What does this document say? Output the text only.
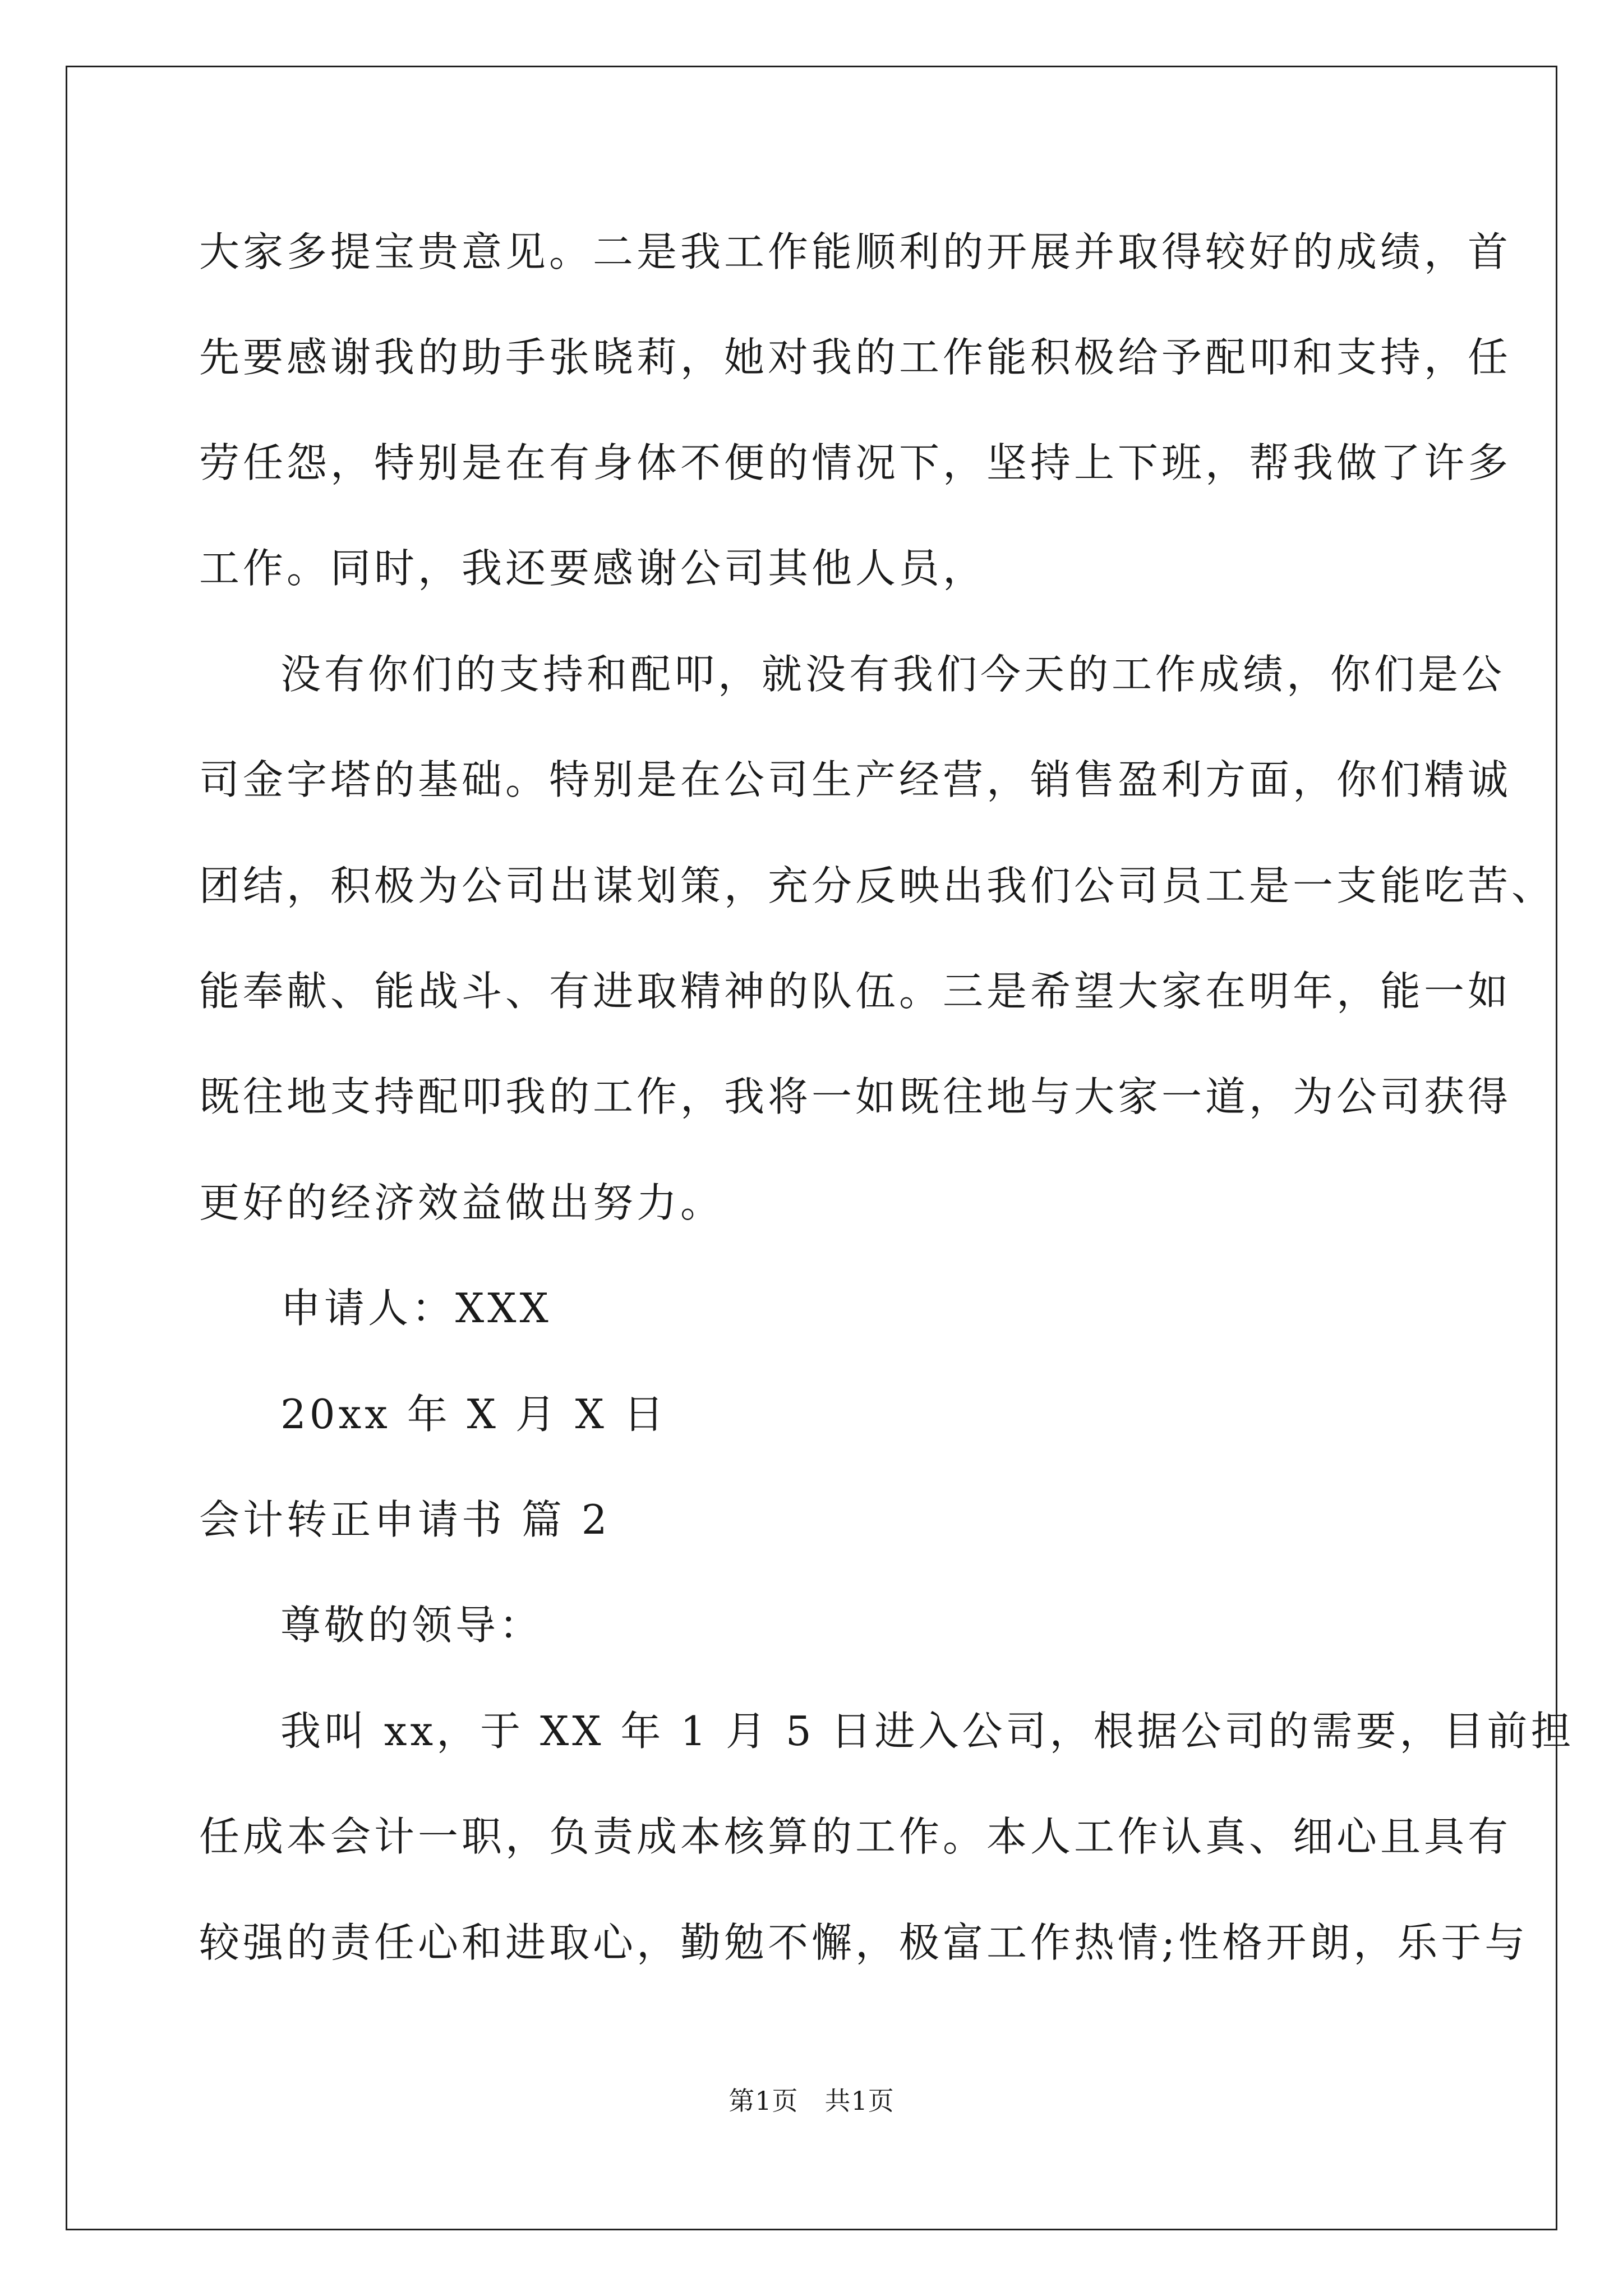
大家多提宝贵意见。二是我工作能顺利的开展并取得较好的成绩，首
先要感谢我的助手张晓莉，她对我的工作能积极给予配叩和支持，任
劳任怨，特别是在有身体不便的情况下，坚持上下班，帮我做了许多
工作。同时，我还要感谢公司其他人员，
没有你们的支持和配叩，就没有我们今天的工作成绩，你们是公
司金字塔的基础。特别是在公司生产经营，销售盈利方面，你们精诚
团结，积极为公司出谋划策，充分反映出我们公司员工是一支能吃苦、
能奉献、能战斗、有进取精神的队伍。三是希望大家在明年，能一如
既往地支持配叩我的工作，我将一如既往地与大家一道，为公司获得
更好的经济效益做出努力。
申请人：XXX
20xx 年 X 月 X 日
会计转正申请书 篇 2
尊敬的领导：
我叫 xx，于 XX 年 1 月 5 日进入公司，根据公司的需要，目前担
任成本会计一职，负责成本核算的工作。本人工作认真、细心且具有
较强的责任心和进取心，勤勉不懈，极富工作热情;性格开朗，乐于与
第1页　共1页
